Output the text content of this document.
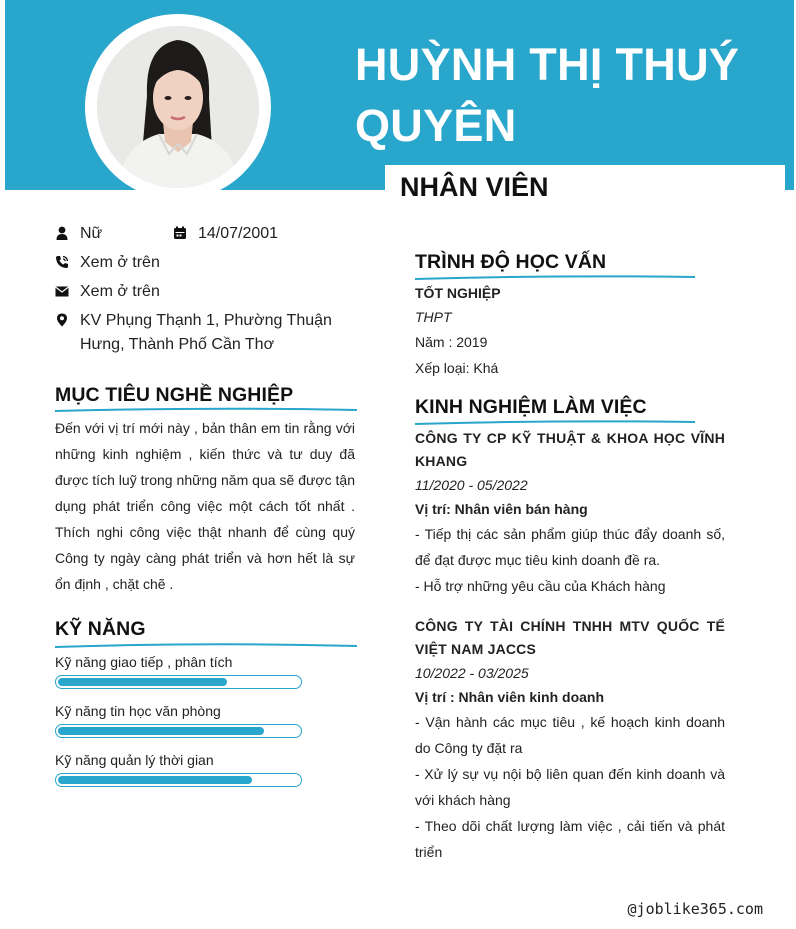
HUỲNH THỊ THUÝ
QUYÊN
NHÂN VIÊN
Nữ	14/07/2001
Xem ở trên
Xem ở trên
KV Phụng Thạnh 1, Phường Thuận Hưng, Thành Phố Cần Thơ
MỤC TIÊU NGHỀ NGHIỆP
Đến với vị trí mới này , bản thân em tin rằng với những kinh nghiệm , kiến thức và tư duy đã được tích luỹ trong những năm qua sẽ được tận dụng phát triển công việc một cách tốt nhất . Thích nghi công việc thật nhanh để cùng quý Công ty ngày càng phát triển và hơn hết là sự ổn định , chặt chẽ .
KỸ NĂNG
Kỹ năng giao tiếp , phân tích
Kỹ năng tin học văn phòng
Kỹ năng quản lý thời gian
TRÌNH ĐỘ HỌC VẤN
TỐT NGHIỆP
THPT
Năm : 2019
Xếp loại: Khá
KINH NGHIỆM LÀM VIỆC
CÔNG TY CP KỸ THUẬT & KHOA HỌC VĨNH KHANG
11/2020 - 05/2022
Vị trí: Nhân viên bán hàng
- Tiếp thị các sản phẩm giúp thúc đẩy doanh số, để đạt được mục tiêu kinh doanh đề ra.
- Hỗ trợ những yêu cầu của Khách hàng
CÔNG TY TÀI CHÍNH TNHH MTV QUỐC TẾ VIỆT NAM JACCS
10/2022 - 03/2025
Vị trí : Nhân viên kinh doanh
- Vận hành các mục tiêu , kế hoạch kinh doanh do Công ty đặt ra
- Xử lý sự vụ nội bộ liên quan đến kinh doanh và với khách hàng
- Theo dõi chất lượng làm việc , cải tiến và phát triển
@joblike365.com
